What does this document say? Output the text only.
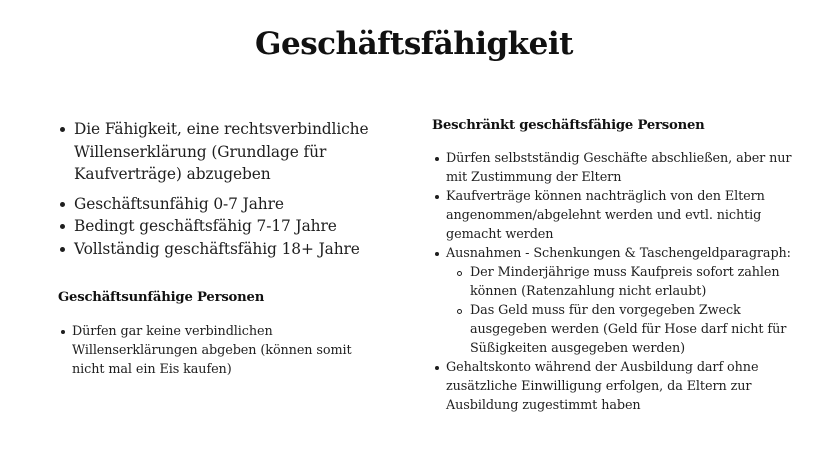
Geschäftsfähigkeit
Die Fähigkeit, eine rechtsverbindliche Willenserklärung (Grundlage für Kaufverträge) abzugeben
Geschäftsunfähig 0-7 Jahre
Bedingt geschäftsfähig 7-17 Jahre
Vollständig geschäftsfähig 18+ Jahre
Geschäftsunfähige Personen
Dürfen gar keine verbindlichen Willenserklärungen abgeben (können somit nicht mal ein Eis kaufen)
Beschränkt geschäftsfähige Personen
Dürfen selbstständig Geschäfte abschließen, aber nur mit Zustimmung der Eltern
Kaufverträge können nachträglich von den Eltern angenommen/abgelehnt werden und evtl. nichtig gemacht werden
Ausnahmen - Schenkungen & Taschengeldparagraph:
Der Minderjährige muss Kaufpreis sofort zahlen können (Ratenzahlung nicht erlaubt)
Das Geld muss für den vorgegeben Zweck ausgegeben werden (Geld für Hose darf nicht für Süßigkeiten ausgegeben werden)
Gehaltskonto während der Ausbildung darf ohne zusätzliche Einwilligung erfolgen, da Eltern zur Ausbildung zugestimmt haben
